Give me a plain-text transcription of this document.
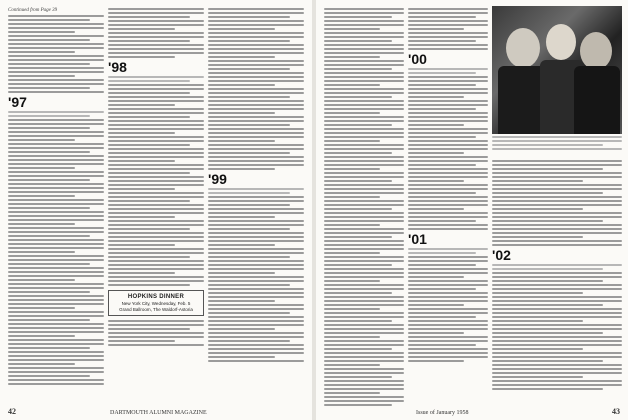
Continued from Page 39
'97
'98
HOPKINS DINNER
New York City, Wednesday, Feb. 5
Grand Ballroom, The Waldorf-Astoria
'99
42	DARTMOUTH ALUMNI MAGAZINE
'00
'01
'02
Issue of January 1958	43
